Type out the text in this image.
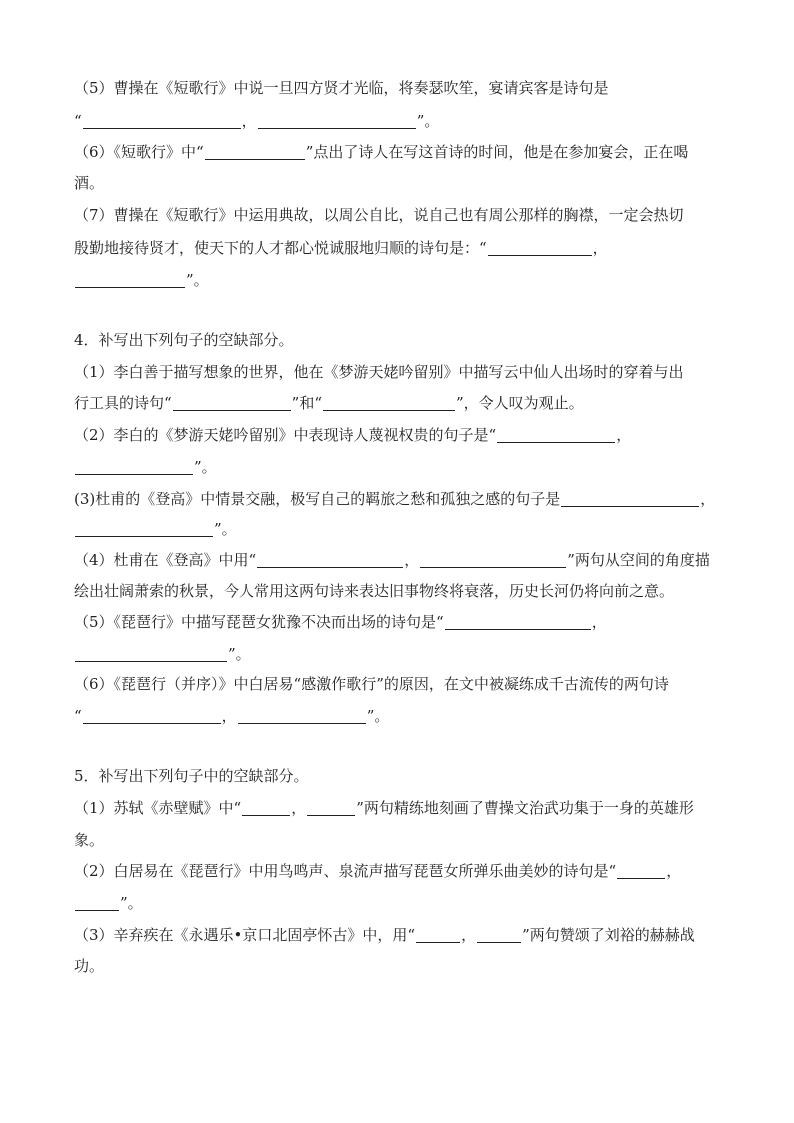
（5）曹操在《短歌行》中说一旦四方贤才光临，将奏瑟吹笙，宴请宾客是诗句是
“	，	”。
（6）《短歌行》中“	”点出了诗人在写这首诗的时间，他是在参加宴会，正在喝
酒。
（7）曹操在《短歌行》中运用典故，以周公自比，说自己也有周公那样的胸襟，一定会热切
殷勤地接待贤才，使天下的人才都心悦诚服地归顺的诗句是：“	，
”。
4．补写出下列句子的空缺部分。
（1）李白善于描写想象的世界，他在《梦游天姥吟留别》中描写云中仙人出场时的穿着与出
行工具的诗句“	”和“	”，令人叹为观止。
（2）李白的《梦游天姥吟留别》中表现诗人蔑视权贵的句子是“	，
”。
(3)杜甫的《登高》中情景交融，极写自己的羁旅之愁和孤独之感的句子是	，
”。
（4）杜甫在《登高》中用“	，	”两句从空间的角度描
绘出壮阔萧索的秋景，今人常用这两句诗来表达旧事物终将衰落，历史长河仍将向前之意。
（5）《琵琶行》中描写琵琶女犹豫不决而出场的诗句是“	，
”。
（6）《琵琶行（并序）》中白居易“感激作歌行”的原因，在文中被凝练成千古流传的两句诗
“	，	”。
5．补写出下列句子中的空缺部分。
（1）苏轼《赤壁赋》中“	，	”两句精练地刻画了曹操文治武功集于一身的英雄形
象。
（2）白居易在《琵琶行》中用鸟鸣声、泉流声描写琵琶女所弹乐曲美妙的诗句是“	，
”。
（3）辛弃疾在《永遇乐•京口北固亭怀古》中，用“	，	”两句赞颂了刘裕的赫赫战
功。
